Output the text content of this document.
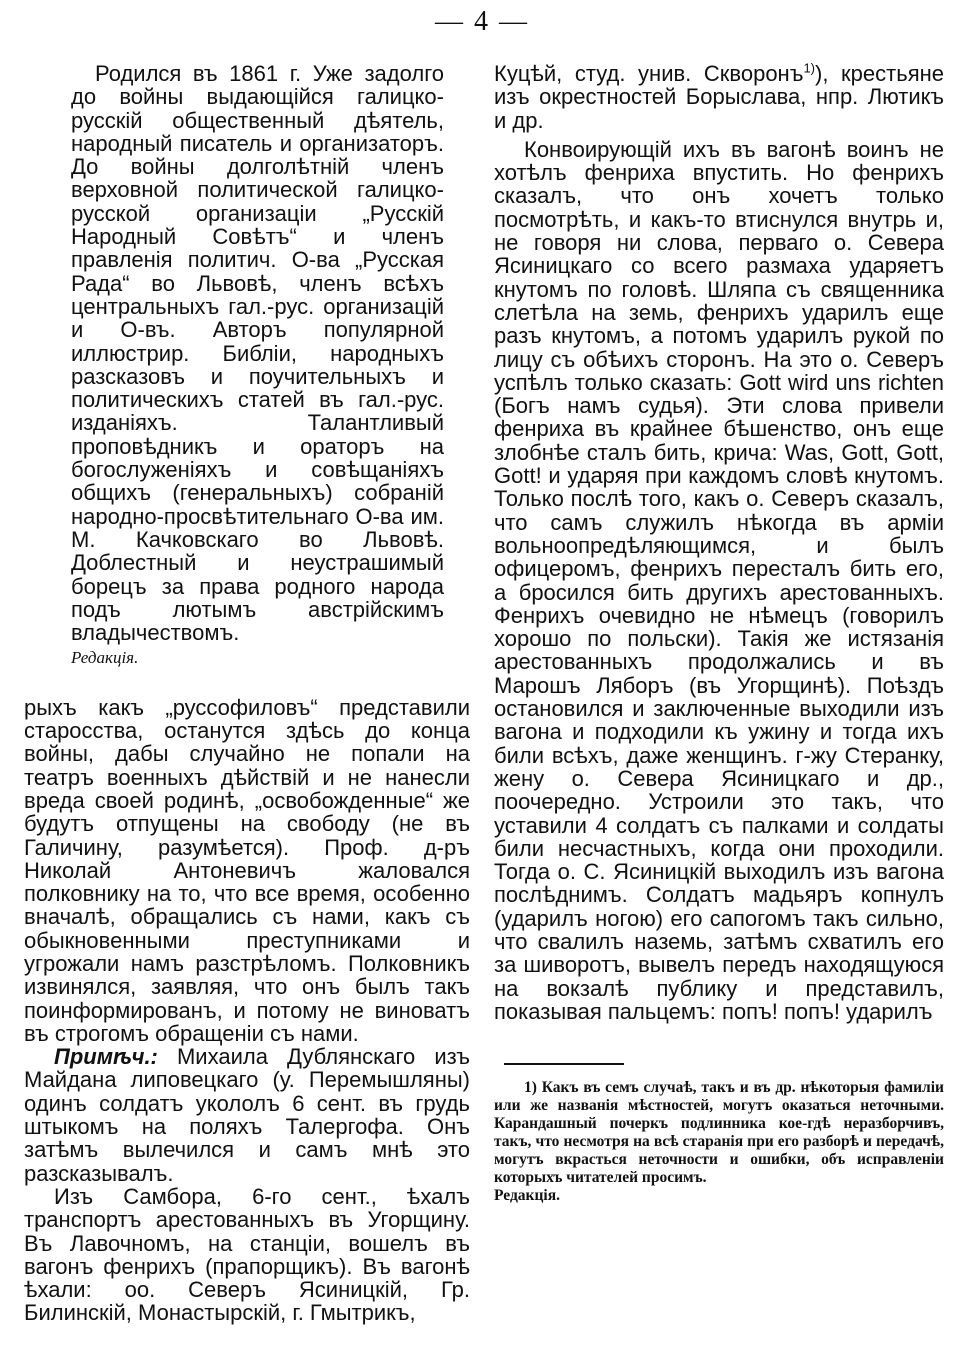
— 4 —

Родился въ 1861 г. Уже задолго до войны выдающійся галицко-русскій общественный дѣятель, народный писатель и организаторъ. До войны долголѣтній членъ верховной политической галицко-русской организаціи „Русскій Народный Совѣтъ“ и членъ правленія политич. О-ва „Русская Рада“ во Львовѣ, членъ всѣхъ центральныхъ гал.-рус. организацій и О-въ. Авторъ популярной иллюстрир. Библіи, народныхъ разсказовъ и поучительныхъ и политическихъ статей въ гал.-рус. изданіяхъ. Талантливый проповѣдникъ и ораторъ на богослуженіяхъ и совѣщаніяхъ общихъ (генеральныхъ) собраній народно-просвѣтительнаго О-ва им. М. Качковскаго во Львовѣ. Доблестный и неустрашимый борецъ за права родного народа подъ лютымъ австрійскимъ владычествомъ.

Редакція.

рыхъ какъ „руссофиловъ“ представили старосства, останутся здѣсь до конца войны, дабы случайно не попали на театръ военныхъ дѣйствій и не нанесли вреда своей родинѣ, „освобожденные“ же будутъ отпущены на свободу (не въ Галичину, разумѣется). Проф. д-ръ Николай Антоневичъ жаловался полковнику на то, что все время, особенно вначалѣ, обращались съ нами, какъ съ обыкновенными преступниками и угрожали намъ разстрѣломъ. Полковникъ извинялся, заявляя, что онъ былъ такъ поинформированъ, и потому не виноватъ въ строгомъ обращеніи съ нами.

Примѣч.: Михаила Дублянскаго изъ Майдана липовецкаго (у. Перемышляны) одинъ солдатъ укололъ 6 сент. въ грудь штыкомъ на поляхъ Талергофа. Онъ затѣмъ вылечился и самъ мнѣ это разсказывалъ.

Изъ Самбора, 6-го сент., ѣхалъ транспортъ арестованныхъ въ Угорщину. Въ Лавочномъ, на станціи, вошелъ въ вагонъ фенрихъ (прапорщикъ). Въ вагонѣ ѣхали: оо. Северъ Ясиницкій, Гр. Билинскій, Монастырскій, г. Гмытрикъ,

Куцѣй, студ. унив. Скворонъ$^{1)}$), крестьяне изъ окрестностей Борыслава, нпр. Лютикъ и др.

Конвоирующій ихъ въ вагонѣ воинъ не хотѣлъ фенриха впустить. Но фенрихъ сказалъ, что онъ хочетъ только посмотрѣть, и какъ-то втиснулся внутрь и, не говоря ни слова, перваго о. Севера Ясиницкаго со всего размаха ударяетъ кнутомъ по головѣ. Шляпа съ священника слетѣла на земь, фенрихъ ударилъ еще разъ кнутомъ, а потомъ ударилъ рукой по лицу съ обѣихъ сторонъ. На это о. Северъ успѣлъ только сказать: Gott wird uns richten (Богъ намъ судья). Эти слова привели фенриха въ крайнее бѣшенство, онъ еще злобнѣе сталъ бить, крича: Was, Gott, Gott, Gott! и ударяя при каждомъ словѣ кнутомъ. Только послѣ того, какъ о. Северъ сказалъ, что самъ служилъ нѣкогда въ арміи вольноопредѣляющимся, и былъ офицеромъ, фенрихъ пересталъ бить его, а бросился бить другихъ арестованныхъ. Фенрихъ очевидно не нѣмецъ (говорилъ хорошо по польски). Такія же истязанія арестованныхъ продолжались и въ Марошъ Ляборъ (въ Угорщинѣ). Поѣздъ остановился и заключенные выходили изъ вагона и подходили къ ужину и тогда ихъ били всѣхъ, даже женщинъ. г-жу Стеранку, жену о. Севера Ясиницкаго и др., поочередно. Устроили это такъ, что уставили 4 солдатъ съ палками и солдаты били несчастныхъ, когда они проходили. Тогда о. С. Ясиницкій выходилъ изъ вагона послѣднимъ. Солдатъ мадьяръ копнулъ (ударилъ ногою) его сапогомъ такъ сильно, что свалилъ наземь, затѣмъ схватилъ его за шиворотъ, вывелъ передъ находящуюся на вокзалѣ публику и представилъ, показывая пальцемъ: попъ! попъ! ударилъ

1) Какъ въ семъ случаѣ, такъ и въ др. нѣкоторыя фамиліи или же названія мѣстностей, могутъ оказаться неточными. Карандашный почеркъ подлинника кое-гдѣ неразборчивъ, такъ, что несмотря на всѣ старанія при его разборѣ и передачѣ, могутъ вкрасться неточности и ошибки, объ исправленіи которыхъ читателей просимъ.

Редакція.
